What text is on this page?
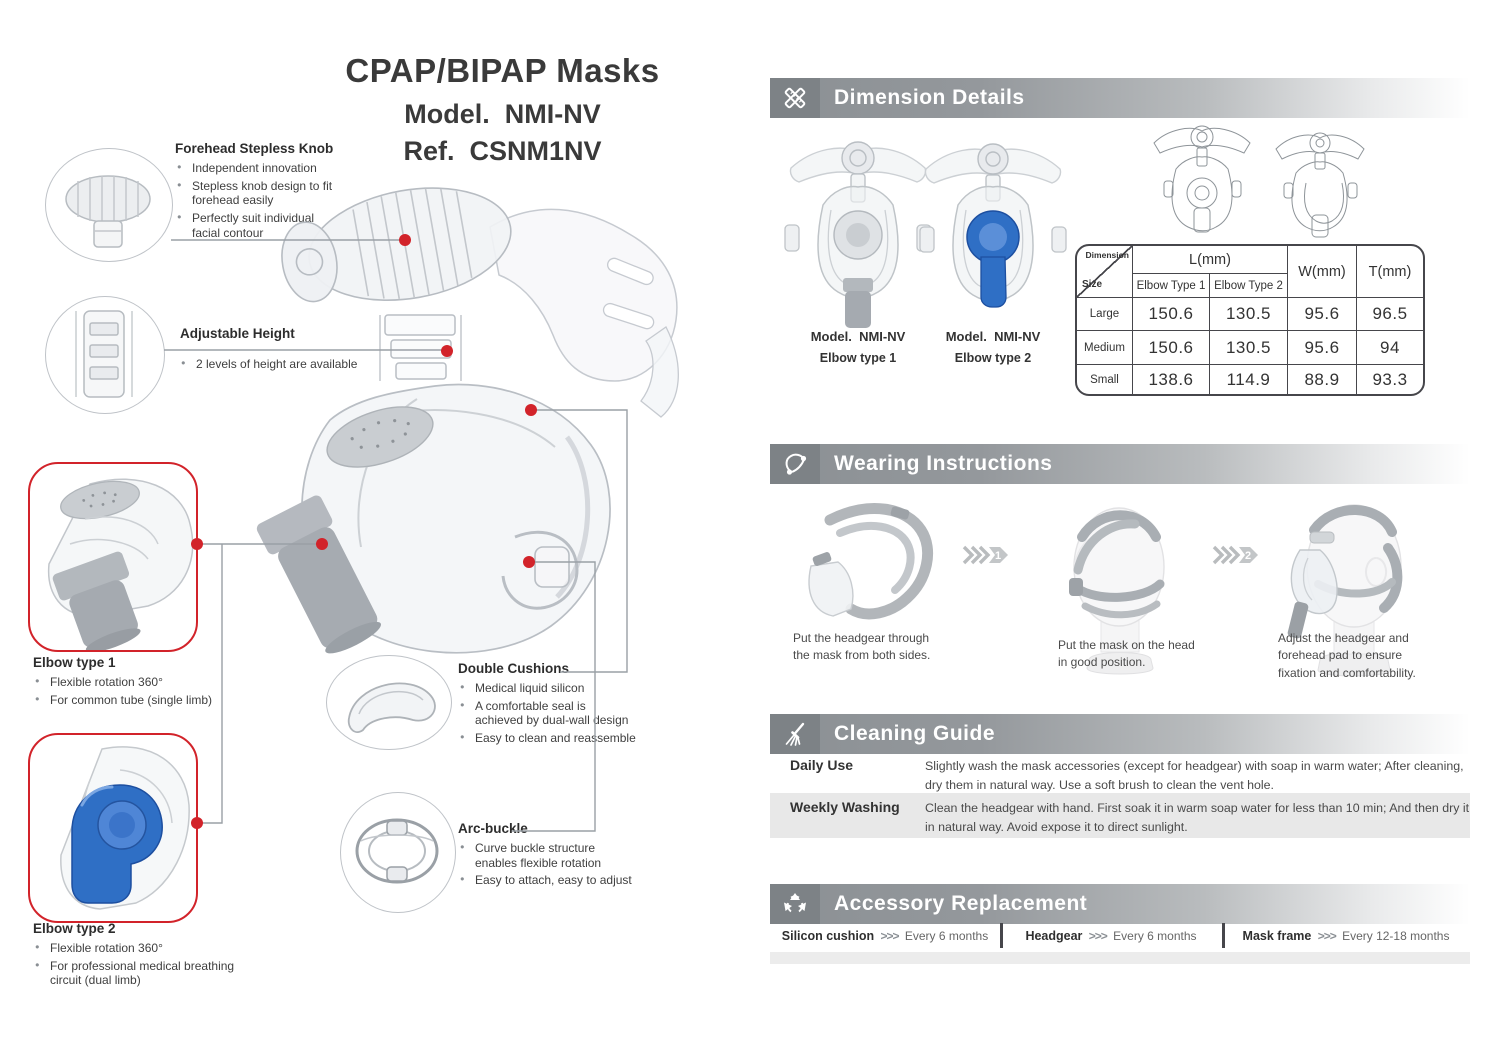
CPAP/BIPAP Masks
Model.  NMI-NV
Ref.  CSNM1NV
Forehead Stepless Knob
● Independent innovation
● Stepless knob design to fit forehead easily
● Perfectly suit individual facial contour
Adjustable Height
● 2 levels of height are available
Elbow type 1
● Flexible rotation 360°
● For common tube (single limb)
Elbow type 2
● Flexible rotation 360°
● For professional medical breathing circuit (dual limb)
Double Cushions
● Medical liquid silicon
● A comfortable seal is achieved by dual-wall design
● Easy to clean and reassemble
Arc-buckle
● Curve buckle structure enables flexible rotation
● Easy to attach, easy to adjust
Dimension Details
Model.  NMI-NV
Elbow type 1
Model.  NMI-NV
Elbow type 2
Dimension
Size
L(mm)
W(mm)	T(mm)
Elbow Type 1 Elbow Type 2
Large	150.6	130.5	95.6	96.5
Medium	150.6	130.5	95.6	94
Small	138.6	114.9	88.9	93.3
Wearing Instructions
1	2
Put the headgear through the mask from both sides.
Put the mask on the head in good position.
Adjust the headgear and forehead pad to ensure fixation and comfortability.
Cleaning Guide
Daily Use	Slightly wash the mask accessories (except for headgear) with soap in warm water; After cleaning, dry them in natural way. Use a soft brush to clean the vent hole.
Weekly Washing	Clean the headgear with hand. First soak it in warm soap water for less than 10 min; And then dry it in natural way. Avoid expose it to direct sunlight.
Accessory Replacement
Silicon cushion >>> Every 6 months	Headgear >>> Every 6 months	Mask frame >>> Every 12-18 months
